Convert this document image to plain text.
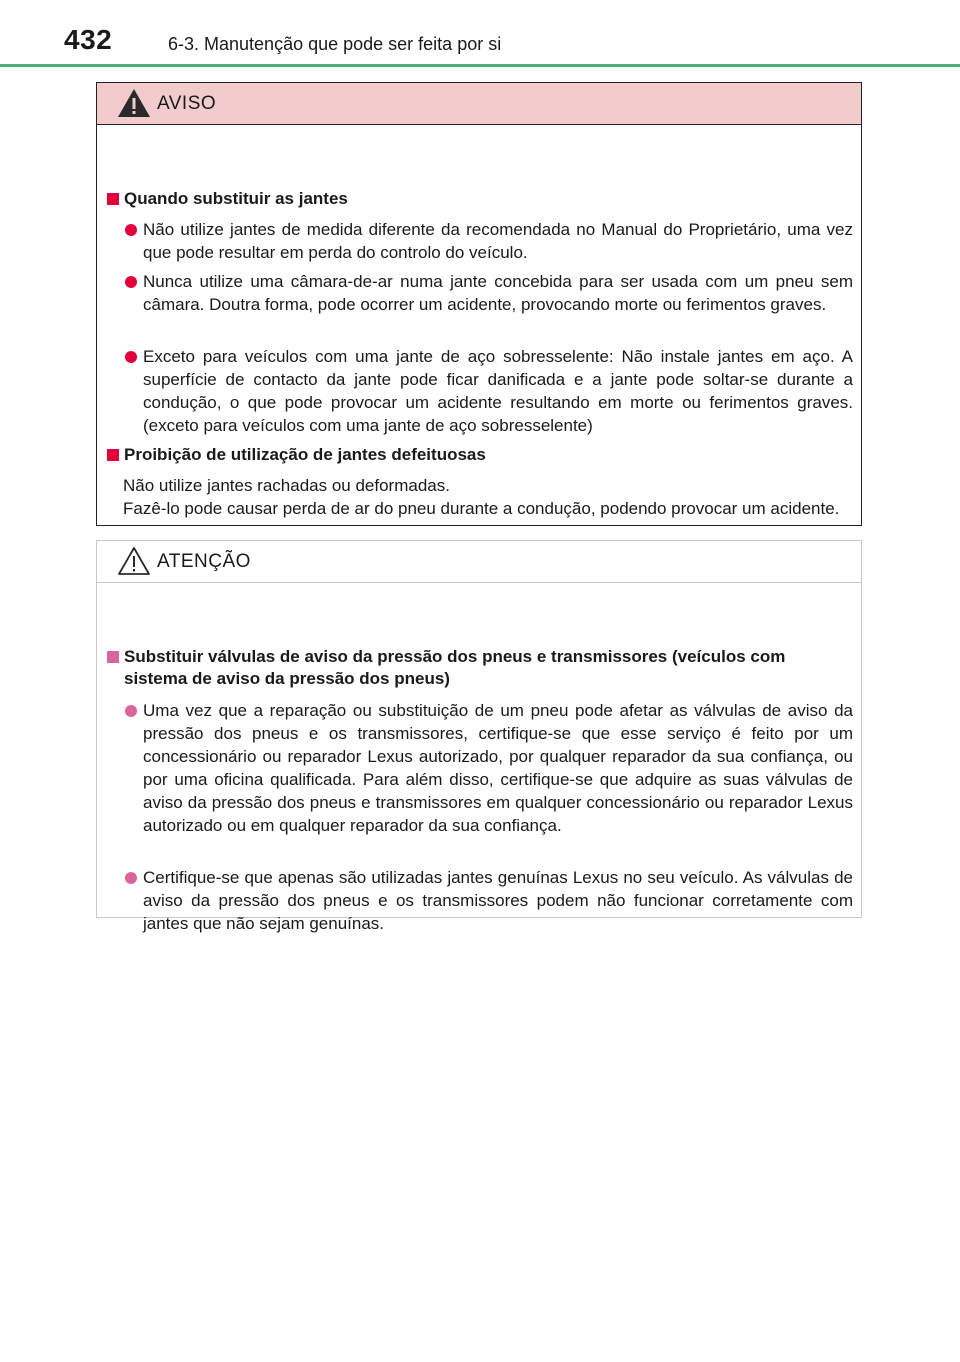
432	6-3. Manutenção que pode ser feita por si
AVISO
Quando substituir as jantes
Não utilize jantes de medida diferente da recomendada no Manual do Proprietário, uma vez que pode resultar em perda do controlo do veículo.
Nunca utilize uma câmara-de-ar numa jante concebida para ser usada com um pneu sem câmara. Doutra forma, pode ocorrer um acidente, provocando morte ou ferimentos graves.
Exceto para veículos com uma jante de aço sobresselente: Não instale jantes em aço. A superfície de contacto da jante pode ficar danificada e a jante pode soltar-se durante a condução, o que pode provocar um acidente resultando em morte ou ferimentos graves. (exceto para veículos com uma jante de aço sobresselente)
Proibição de utilização de jantes defeituosas
Não utilize jantes rachadas ou deformadas.
Fazê-lo pode causar perda de ar do pneu durante a condução, podendo provocar um acidente.
ATENÇÃO
Substituir válvulas de aviso da pressão dos pneus e transmissores (veículos com sistema de aviso da pressão dos pneus)
Uma vez que a reparação ou substituição de um pneu pode afetar as válvulas de aviso da pressão dos pneus e os transmissores, certifique-se que esse serviço é feito por um concessionário ou reparador Lexus autorizado, por qualquer reparador da sua confiança, ou por uma oficina qualificada. Para além disso, certifique-se que adquire as suas válvulas de aviso da pressão dos pneus e transmissores em qualquer concessionário ou reparador Lexus autorizado ou em qualquer reparador da sua confiança.
Certifique-se que apenas são utilizadas jantes genuínas Lexus no seu veículo. As válvulas de aviso da pressão dos pneus e os transmissores podem não funcionar corretamente com jantes que não sejam genuínas.
